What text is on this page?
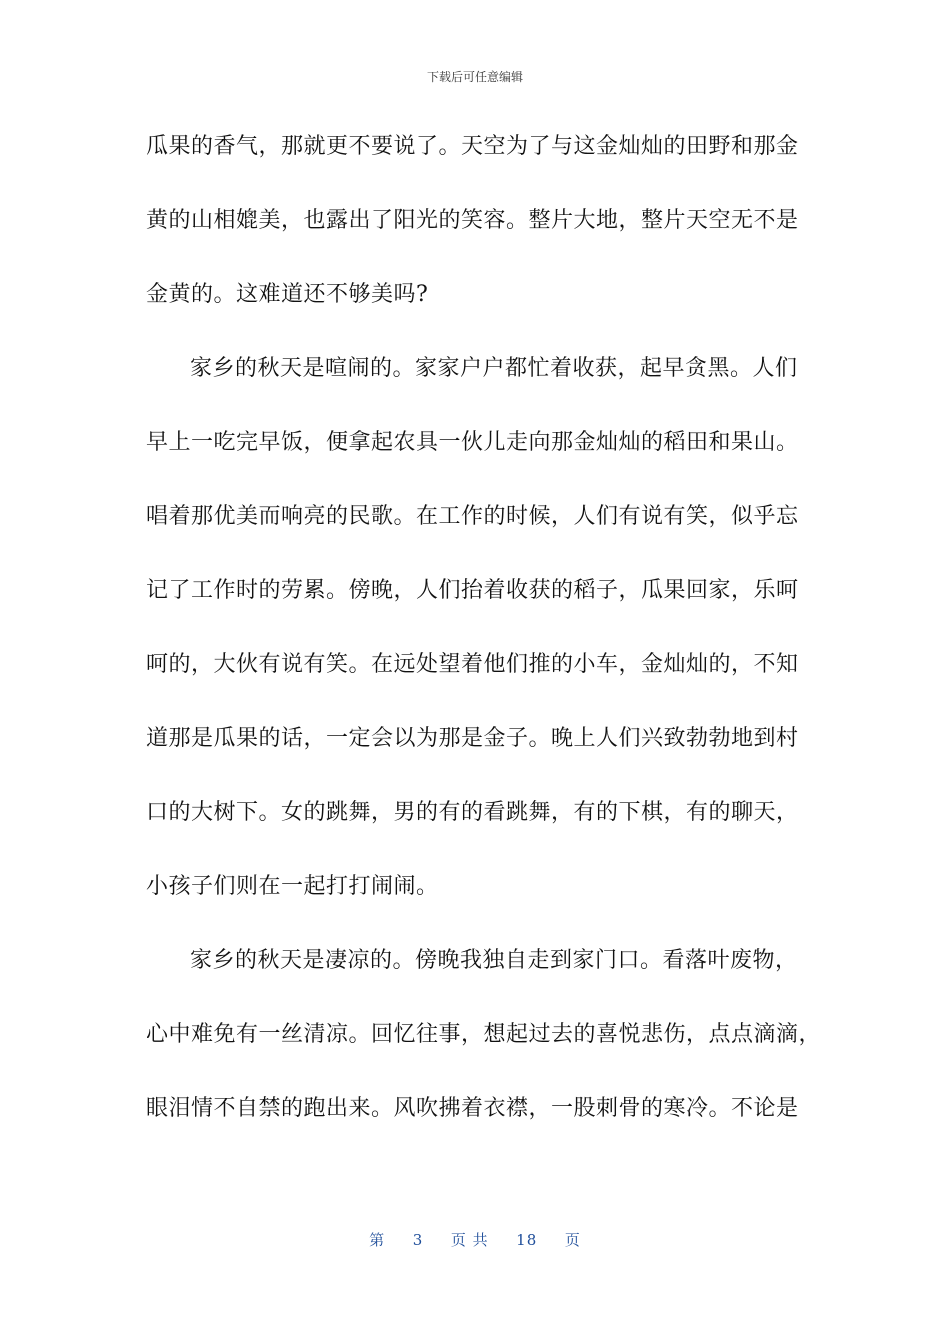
下载后可任意编辑
瓜果的香气，那就更不要说了。天空为了与这金灿灿的田野和那金
黄的山相媲美，也露出了阳光的笑容。整片大地，整片天空无不是
金黄的。这难道还不够美吗?
家乡的秋天是喧闹的。家家户户都忙着收获，起早贪黑。人们
早上一吃完早饭，便拿起农具一伙儿走向那金灿灿的稻田和果山。
唱着那优美而响亮的民歌。在工作的时候，人们有说有笑，似乎忘
记了工作时的劳累。傍晚，人们抬着收获的稻子，瓜果回家，乐呵
呵的，大伙有说有笑。在远处望着他们推的小车，金灿灿的，不知
道那是瓜果的话，一定会以为那是金子。晚上人们兴致勃勃地到村
口的大树下。女的跳舞，男的有的看跳舞，有的下棋，有的聊天，
小孩子们则在一起打打闹闹。
家乡的秋天是凄凉的。傍晚我独自走到家门口。看落叶废物，
心中难免有一丝清凉。回忆往事，想起过去的喜悦悲伤，点点滴滴，
眼泪情不自禁的跑出来。风吹拂着衣襟，一股刺骨的寒冷。不论是
第 3 页 共 18 页
